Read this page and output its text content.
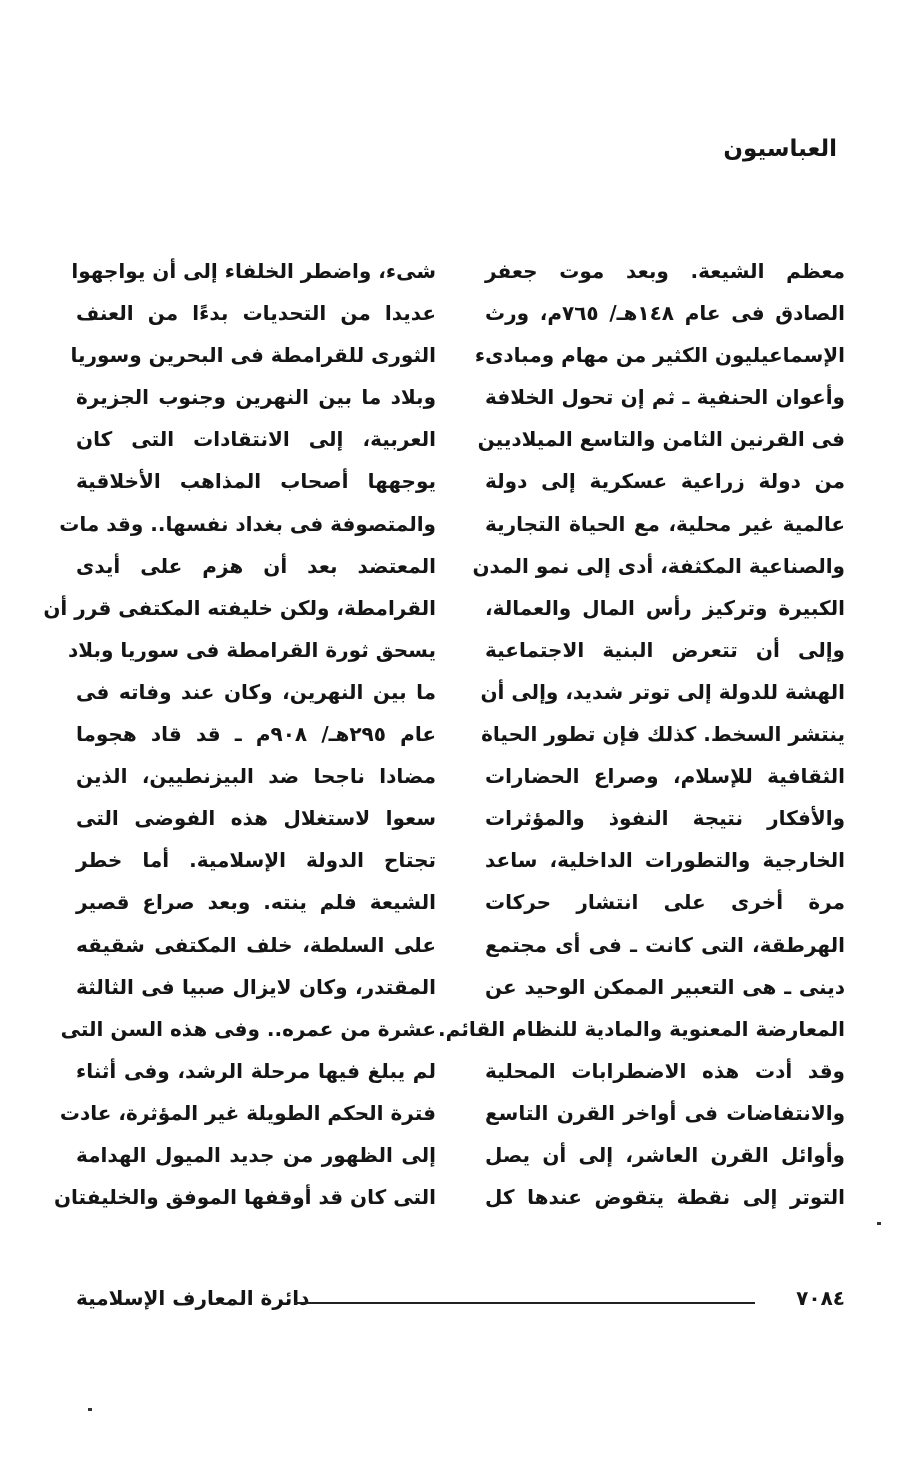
العباسيون
معظم الشيعة. وبعد موت جعفر
الصادق فى عام ١٤٨هـ/ ٧٦٥م، ورث
الإسماعيليون الكثير من مهام ومبادىء
وأعوان الحنفية ـ ثم إن تحول الخلافة
فى القرنين الثامن والتاسع الميلاديين
من دولة زراعية عسكرية إلى دولة
عالمية غير محلية، مع الحياة التجارية
والصناعية المكثفة، أدى إلى نمو المدن
الكبيرة وتركيز رأس المال والعمالة،
وإلى أن تتعرض البنية الاجتماعية
الهشة للدولة إلى توتر شديد، وإلى أن
ينتشر السخط. كذلك فإن تطور الحياة
الثقافية للإسلام، وصراع الحضارات
والأفكار نتيجة النفوذ والمؤثرات
الخارجية والتطورات الداخلية، ساعد
مرة أخرى على انتشار حركات
الهرطقة، التى كانت ـ فى أى مجتمع
دينى ـ هى التعبير الممكن الوحيد عن
المعارضة المعنوية والمادية للنظام القائم.
وقد أدت هذه الاضطرابات المحلية
والانتفاضات فى أواخر القرن التاسع
وأوائل القرن العاشر، إلى أن يصل
التوتر إلى نقطة يتقوض عندها كل
شىء، واضطر الخلفاء إلى أن يواجهوا
عديدا من التحديات بدءًا من العنف
الثورى للقرامطة فى البحرين وسوريا
وبلاد ما بين النهرين وجنوب الجزيرة
العربية، إلى الانتقادات التى كان
يوجهها أصحاب المذاهب الأخلاقية
والمتصوفة فى بغداد نفسها.. وقد مات
المعتضد بعد أن هزم على أيدى
القرامطة، ولكن خليفته المكتفى قرر أن
يسحق ثورة القرامطة فى سوريا وبلاد
ما بين النهرين، وكان عند وفاته فى
عام ٢٩٥هـ/ ٩٠٨م ـ قد قاد هجوما
مضادا ناجحا ضد البيزنطيين، الذين
سعوا لاستغلال هذه الفوضى التى
تجتاح الدولة الإسلامية. أما خطر
الشيعة فلم ينته. وبعد صراع قصير
على السلطة، خلف المكتفى شقيقه
المقتدر، وكان لايزال صبيا فى الثالثة
عشرة من عمره.. وفى هذه السن التى
لم يبلغ فيها مرحلة الرشد، وفى أثناء
فترة الحكم الطويلة غير المؤثرة، عادت
إلى الظهور من جديد الميول الهدامة
التى كان قد أوقفها الموفق والخليفتان
دائرة المعارف الإسلامية	٧٠٨٤
